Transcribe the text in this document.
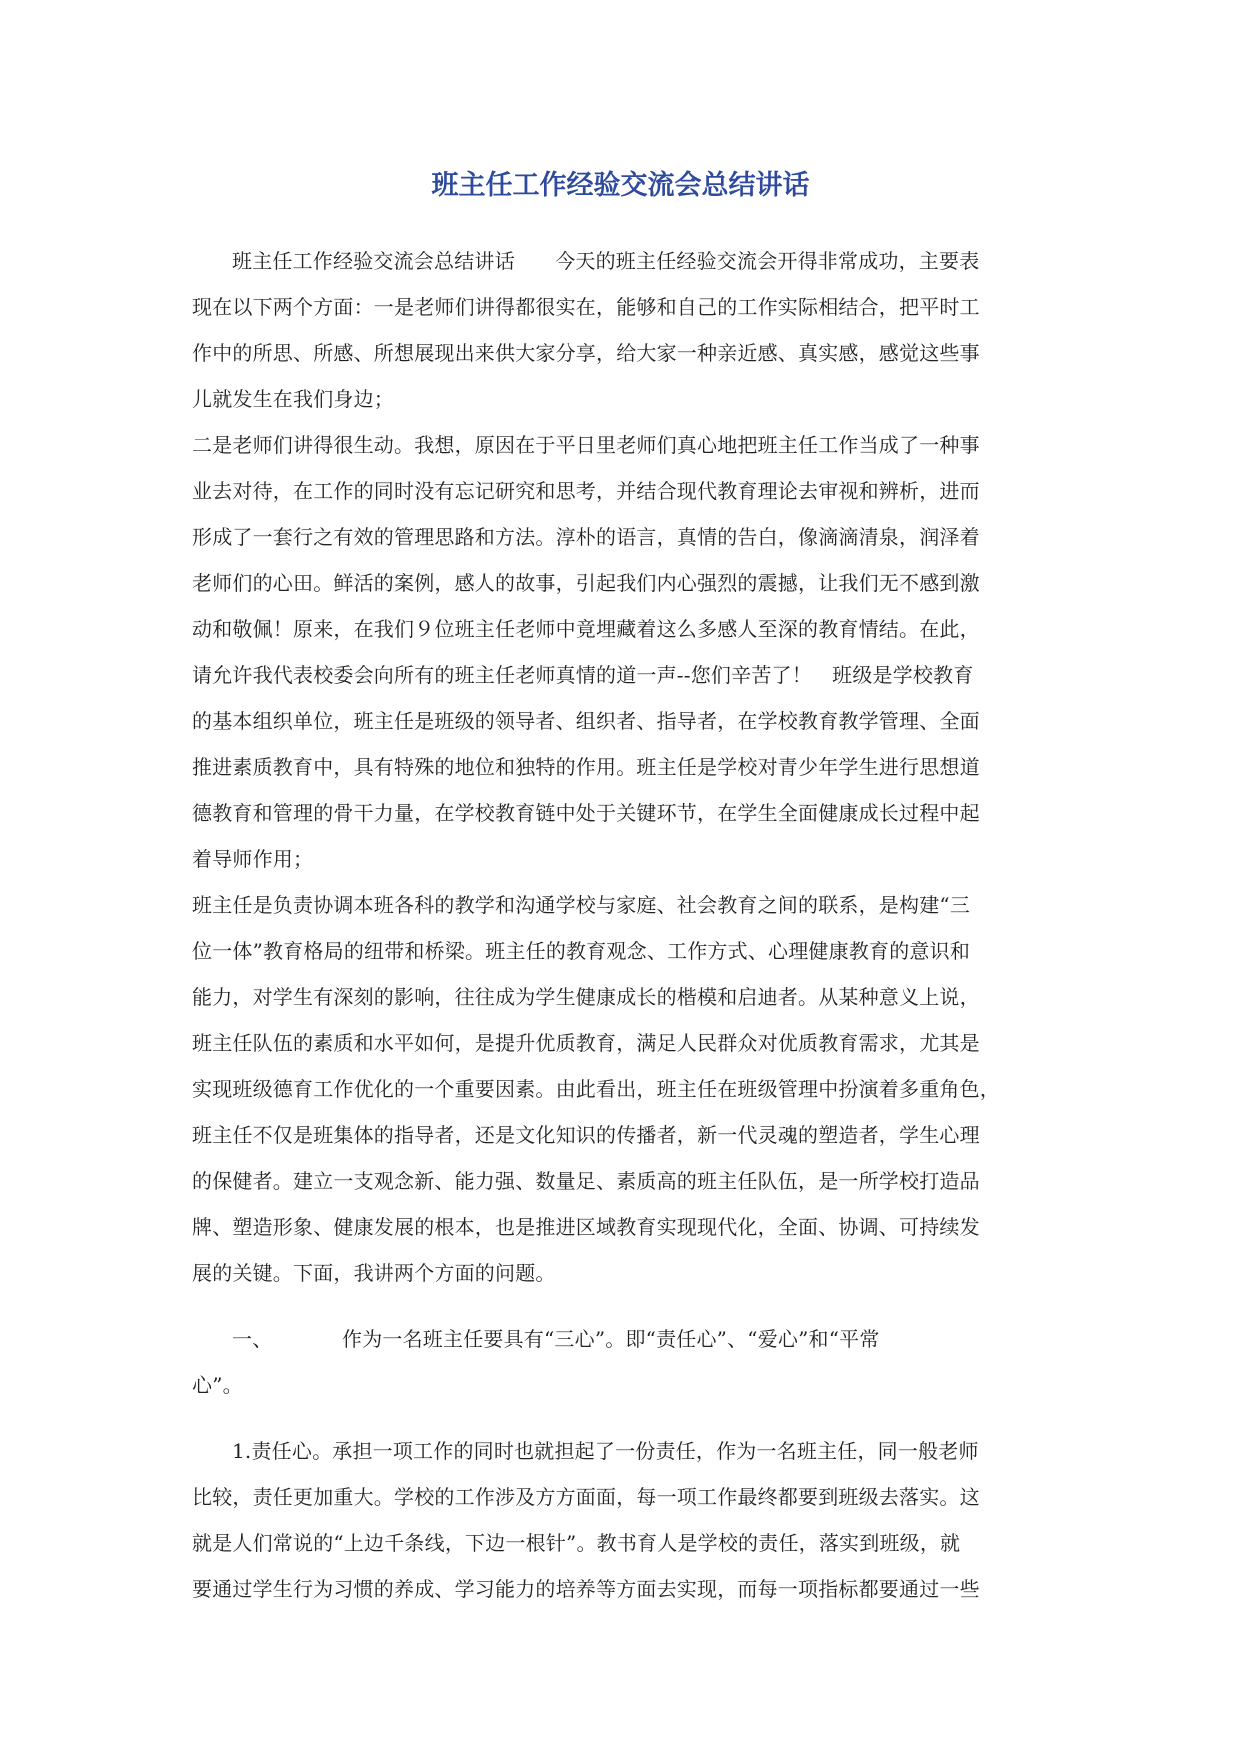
班主任工作经验交流会总结讲话
班主任工作经验交流会总结讲话　　今天的班主任经验交流会开得非常成功，主要表
现在以下两个方面：一是老师们讲得都很实在，能够和自己的工作实际相结合，把平时工
作中的所思、所感、所想展现出来供大家分享，给大家一种亲近感、真实感，感觉这些事
儿就发生在我们身边；
二是老师们讲得很生动。我想，原因在于平日里老师们真心地把班主任工作当成了一种事
业去对待，在工作的同时没有忘记研究和思考，并结合现代教育理论去审视和辨析，进而
形成了一套行之有效的管理思路和方法。淳朴的语言，真情的告白，像滴滴清泉，润泽着
老师们的心田。鲜活的案例，感人的故事，引起我们内心强烈的震撼，让我们无不感到激
动和敬佩！原来，在我们９位班主任老师中竟埋藏着这么多感人至深的教育情结。在此，
请允许我代表校委会向所有的班主任老师真情的道一声--您们辛苦了！　班级是学校教育
的基本组织单位，班主任是班级的领导者、组织者、指导者，在学校教育教学管理、全面
推进素质教育中，具有特殊的地位和独特的作用。班主任是学校对青少年学生进行思想道
德教育和管理的骨干力量，在学校教育链中处于关键环节，在学生全面健康成长过程中起
着导师作用；
班主任是负责协调本班各科的教学和沟通学校与家庭、社会教育之间的联系，是构建“三
位一体”教育格局的纽带和桥梁。班主任的教育观念、工作方式、心理健康教育的意识和
能力，对学生有深刻的影响，往往成为学生健康成长的楷模和启迪者。从某种意义上说，
班主任队伍的素质和水平如何，是提升优质教育，满足人民群众对优质教育需求，尤其是
实现班级德育工作优化的一个重要因素。由此看出，班主任在班级管理中扮演着多重角色，
班主任不仅是班集体的指导者，还是文化知识的传播者，新一代灵魂的塑造者，学生心理
的保健者。建立一支观念新、能力强、数量足、素质高的班主任队伍，是一所学校打造品
牌、塑造形象、健康发展的根本，也是推进区域教育实现现代化，全面、协调、可持续发
展的关键。下面，我讲两个方面的问题。
一、	作为一名班主任要具有“三心”。即“责任心”、“爱心”和“平常
心”。
1.责任心。承担一项工作的同时也就担起了一份责任，作为一名班主任，同一般老师
比较，责任更加重大。学校的工作涉及方方面面，每一项工作最终都要到班级去落实。这
就是人们常说的“上边千条线，下边一根针”。教书育人是学校的责任，落实到班级，就
要通过学生行为习惯的养成、学习能力的培养等方面去实现，而每一项指标都要通过一些
